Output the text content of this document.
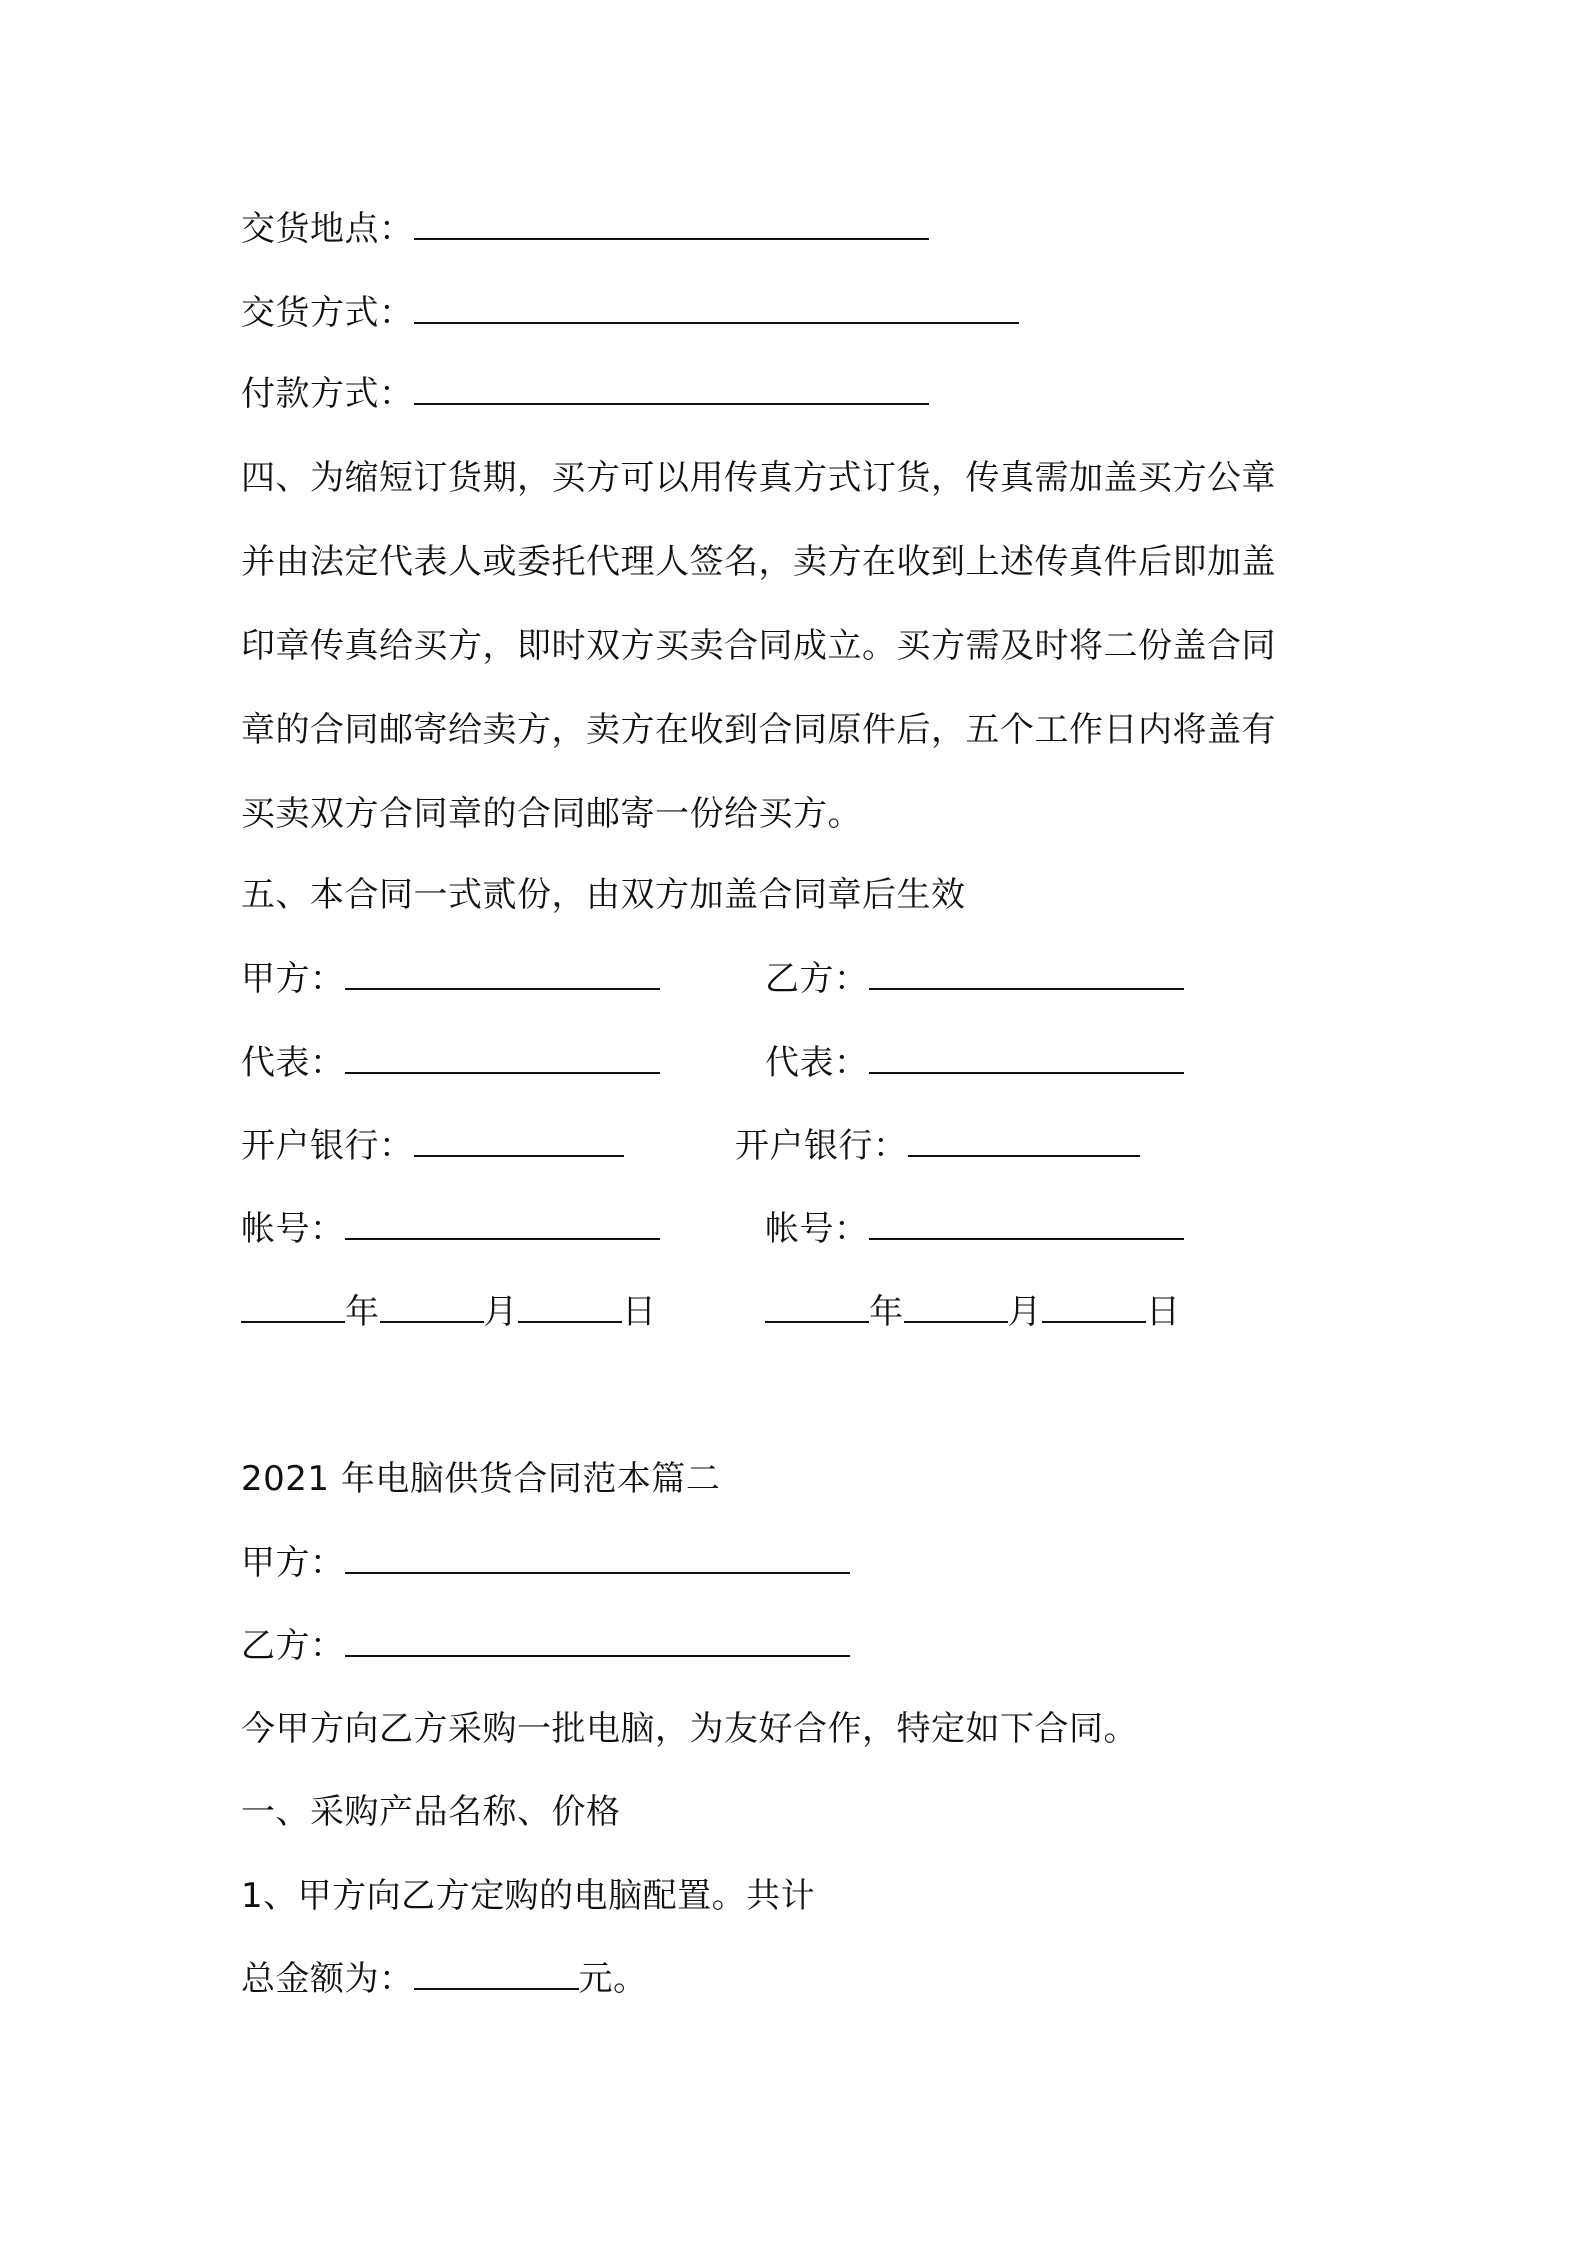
交货地点：
交货方式：
付款方式：
四、为缩短订货期，买方可以用传真方式订货，传真需加盖买方公章
并由法定代表人或委托代理人签名，卖方在收到上述传真件后即加盖
印章传真给买方，即时双方买卖合同成立。买方需及时将二份盖合同
章的合同邮寄给卖方，卖方在收到合同原件后，五个工作日内将盖有
买卖双方合同章的合同邮寄一份给买方。
五、本合同一式贰份，由双方加盖合同章后生效
甲方：	乙方：
代表：	代表：
开户银行：	开户银行：
帐号：	帐号：
年	月	日	年	月	日
2021 年电脑供货合同范本篇二
甲方：
乙方：
今甲方向乙方采购一批电脑，为友好合作，特定如下合同。
一、采购产品名称、价格
1、甲方向乙方定购的电脑配置。共计
总金额为：	元。
